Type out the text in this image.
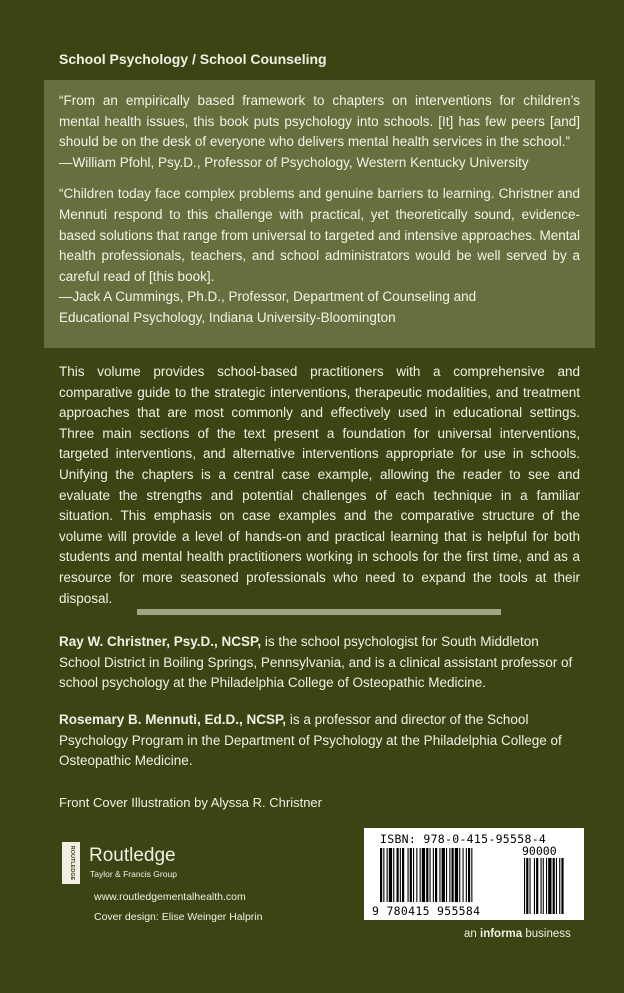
School Psychology / School Counseling
“From an empirically based framework to chapters on interventions for children’s mental health issues, this book puts psychology into schools. [It] has few peers [and] should be on the desk of everyone who delivers mental health services in the school.”
—William Pfohl, Psy.D., Professor of Psychology, Western Kentucky University
“Children today face complex problems and genuine barriers to learning. Christner and Mennuti respond to this challenge with practical, yet theoretically sound, evidence-based solutions that range from universal to targeted and intensive approaches. Mental health professionals, teachers, and school administrators would be well served by a careful read of [this book].
—Jack A Cummings, Ph.D., Professor, Department of Counseling and
Educational Psychology, Indiana University-Bloomington
This volume provides school-based practitioners with a comprehensive and comparative guide to the strategic interventions, therapeutic modalities, and treatment approaches that are most commonly and effectively used in educational settings. Three main sections of the text present a foundation for universal interventions, targeted interventions, and alternative interventions appropriate for use in schools. Unifying the chapters is a central case example, allowing the reader to see and evaluate the strengths and potential challenges of each technique in a familiar situation. This emphasis on case examples and the comparative structure of the volume will provide a level of hands-on and practical learning that is helpful for both students and mental health practitioners working in schools for the first time, and as a resource for more seasoned professionals who need to expand the tools at their disposal.
Ray W. Christner, Psy.D., NCSP, is the school psychologist for South Middleton School District in Boiling Springs, Pennsylvania, and is a clinical assistant professor of school psychology at the Philadelphia College of Osteopathic Medicine.
Rosemary B. Mennuti, Ed.D., NCSP, is a professor and director of the School Psychology Program in the Department of Psychology at the Philadelphia College of Osteopathic Medicine.
Front Cover Illustration by Alyssa R. Christner
ROUTLEDGE Routledge
Taylor & Francis Group
www.routledgementalhealth.com
Cover design: Elise Weinger Halprin
ISBN: 978-0-415-95558-4
90000
9 780415 955584
an informa business
